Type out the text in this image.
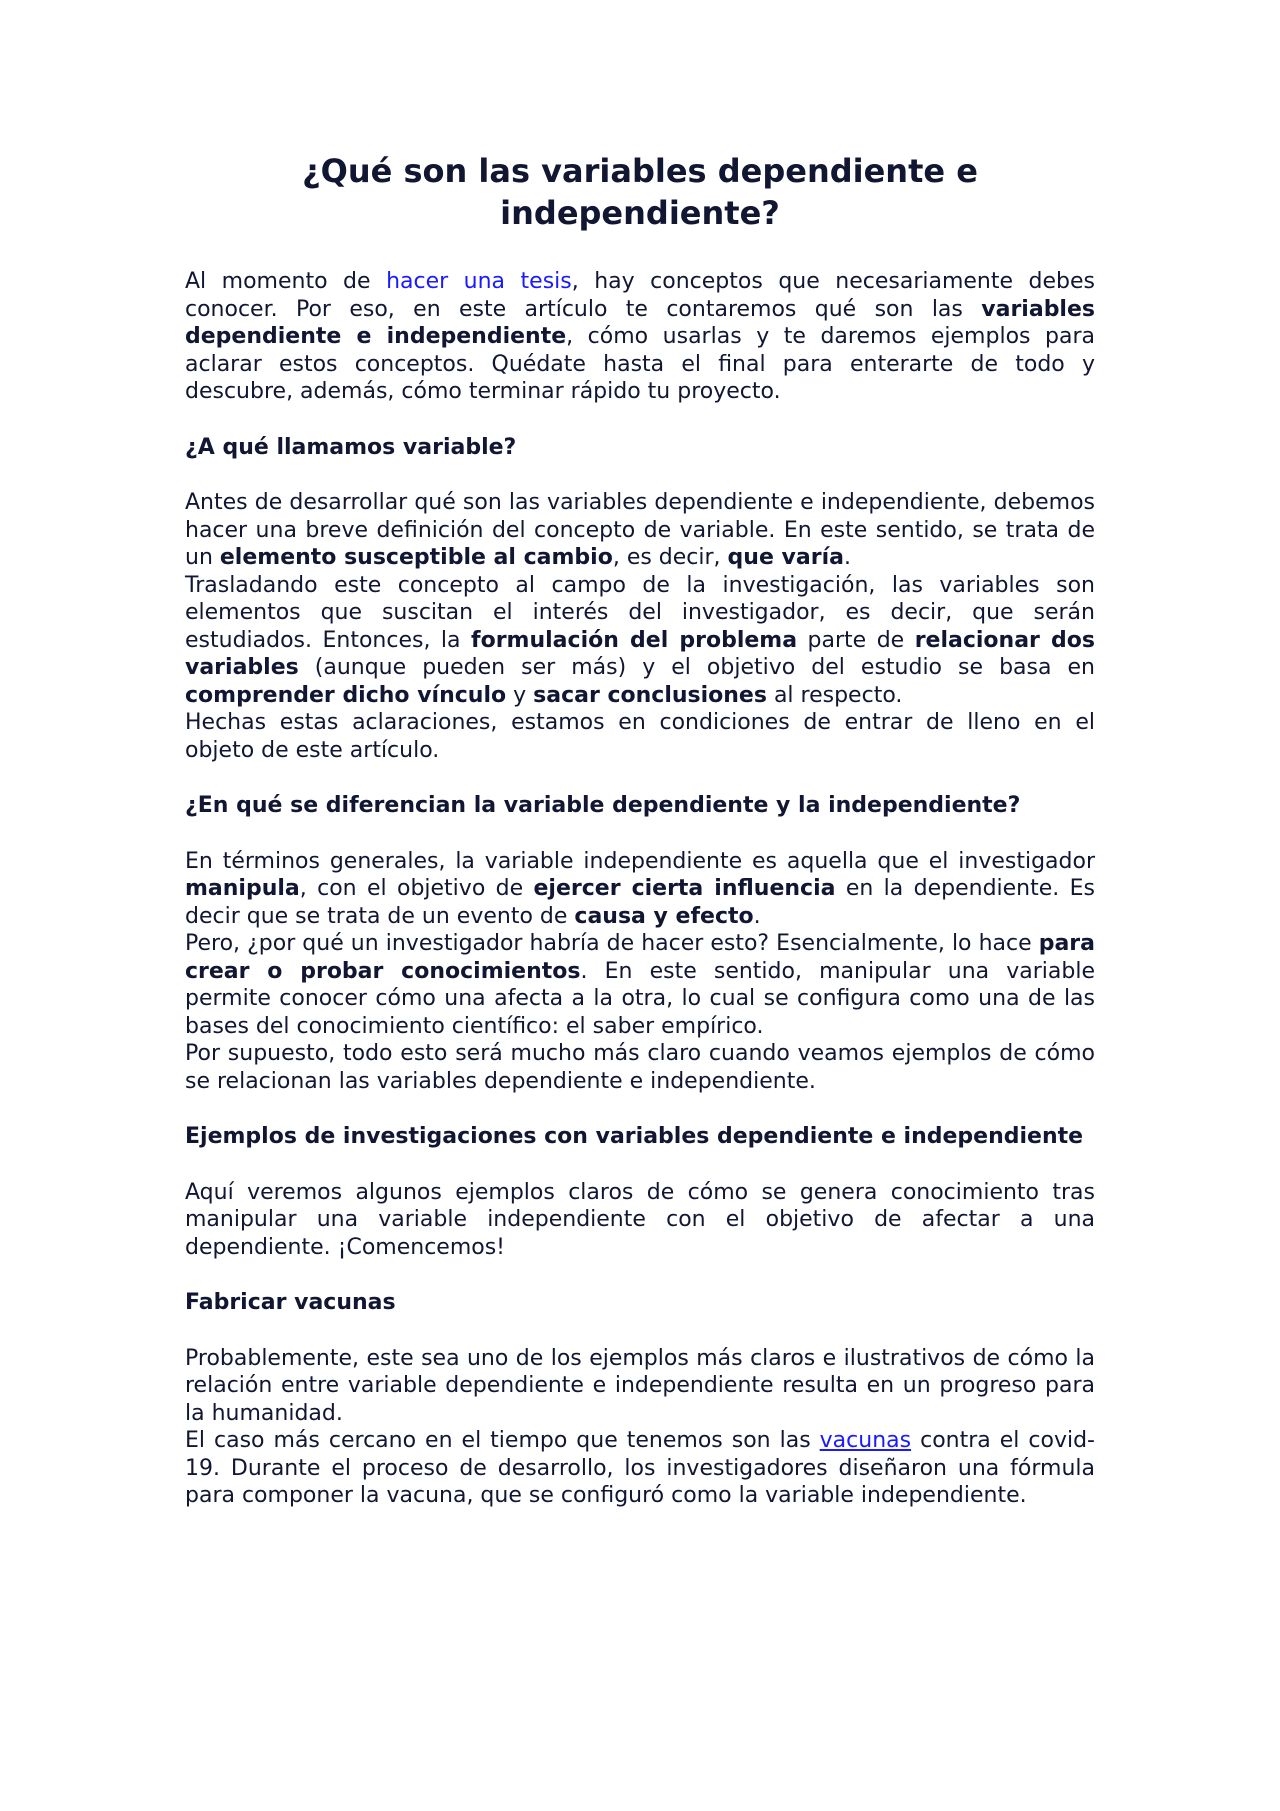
¿Qué son las variables dependiente e independiente?

Al momento de hacer una tesis, hay conceptos que necesariamente debes conocer. Por eso, en este artículo te contaremos qué son las variables dependiente e independiente, cómo usarlas y te daremos ejemplos para aclarar estos conceptos. Quédate hasta el final para enterarte de todo y descubre, además, cómo terminar rápido tu proyecto.

¿A qué llamamos variable?

Antes de desarrollar qué son las variables dependiente e independiente, debemos hacer una breve definición del concepto de variable. En este sentido, se trata de un elemento susceptible al cambio, es decir, que varía.

Trasladando este concepto al campo de la investigación, las variables son elementos que suscitan el interés del investigador, es decir, que serán estudiados. Entonces, la formulación del problema parte de relacionar dos variables (aunque pueden ser más) y el objetivo del estudio se basa en comprender dicho vínculo y sacar conclusiones al respecto.

Hechas estas aclaraciones, estamos en condiciones de entrar de lleno en el objeto de este artículo.

¿En qué se diferencian la variable dependiente y la independiente?

En términos generales, la variable independiente es aquella que el investigador manipula, con el objetivo de ejercer cierta influencia en la dependiente. Es decir que se trata de un evento de causa y efecto.

Pero, ¿por qué un investigador habría de hacer esto? Esencialmente, lo hace para crear o probar conocimientos. En este sentido, manipular una variable permite conocer cómo una afecta a la otra, lo cual se configura como una de las bases del conocimiento científico: el saber empírico.

Por supuesto, todo esto será mucho más claro cuando veamos ejemplos de cómo se relacionan las variables dependiente e independiente.

Ejemplos de investigaciones con variables dependiente e independiente

Aquí veremos algunos ejemplos claros de cómo se genera conocimiento tras manipular una variable independiente con el objetivo de afectar a una dependiente. ¡Comencemos!

Fabricar vacunas

Probablemente, este sea uno de los ejemplos más claros e ilustrativos de cómo la relación entre variable dependiente e independiente resulta en un progreso para la humanidad.

El caso más cercano en el tiempo que tenemos son las vacunas contra el covid-19. Durante el proceso de desarrollo, los investigadores diseñaron una fórmula para componer la vacuna, que se configuró como la variable independiente.
